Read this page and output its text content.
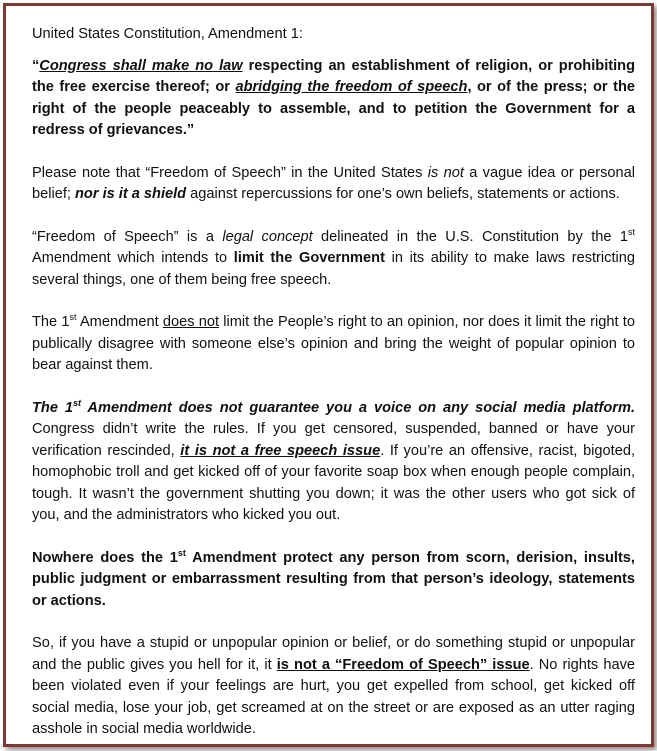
United States Constitution, Amendment 1:

“Congress shall make no law respecting an establishment of religion, or prohibiting the free exercise thereof; or abridging the freedom of speech, or of the press; or the right of the people peaceably to assemble, and to petition the Government for a redress of grievances.”

Please note that “Freedom of Speech” in the United States is not a vague idea or personal belief; nor is it a shield against repercussions for one’s own beliefs, statements or actions.

“Freedom of Speech” is a legal concept delineated in the U.S. Constitution by the 1st Amendment which intends to limit the Government in its ability to make laws restricting several things, one of them being free speech.

The 1st Amendment does not limit the People’s right to an opinion, nor does it limit the right to publically disagree with someone else’s opinion and bring the weight of popular opinion to bear against them.

The 1st Amendment does not guarantee you a voice on any social media platform. Congress didn’t write the rules. If you get censored, suspended, banned or have your verification rescinded, it is not a free speech issue. If you’re an offensive, racist, bigoted, homophobic troll and get kicked off of your favorite soap box when enough people complain, tough. It wasn’t the government shutting you down; it was the other users who got sick of you, and the administrators who kicked you out.

Nowhere does the 1st Amendment protect any person from scorn, derision, insults, public judgment or embarrassment resulting from that person’s ideology, statements or actions.

So, if you have a stupid or unpopular opinion or belief, or do something stupid or unpopular and the public gives you hell for it, it is not a “Freedom of Speech” issue. No rights have been violated even if your feelings are hurt, you get expelled from school, get kicked off social media, lose your job, get screamed at on the street or are exposed as an utter raging asshole in social media worldwide.
